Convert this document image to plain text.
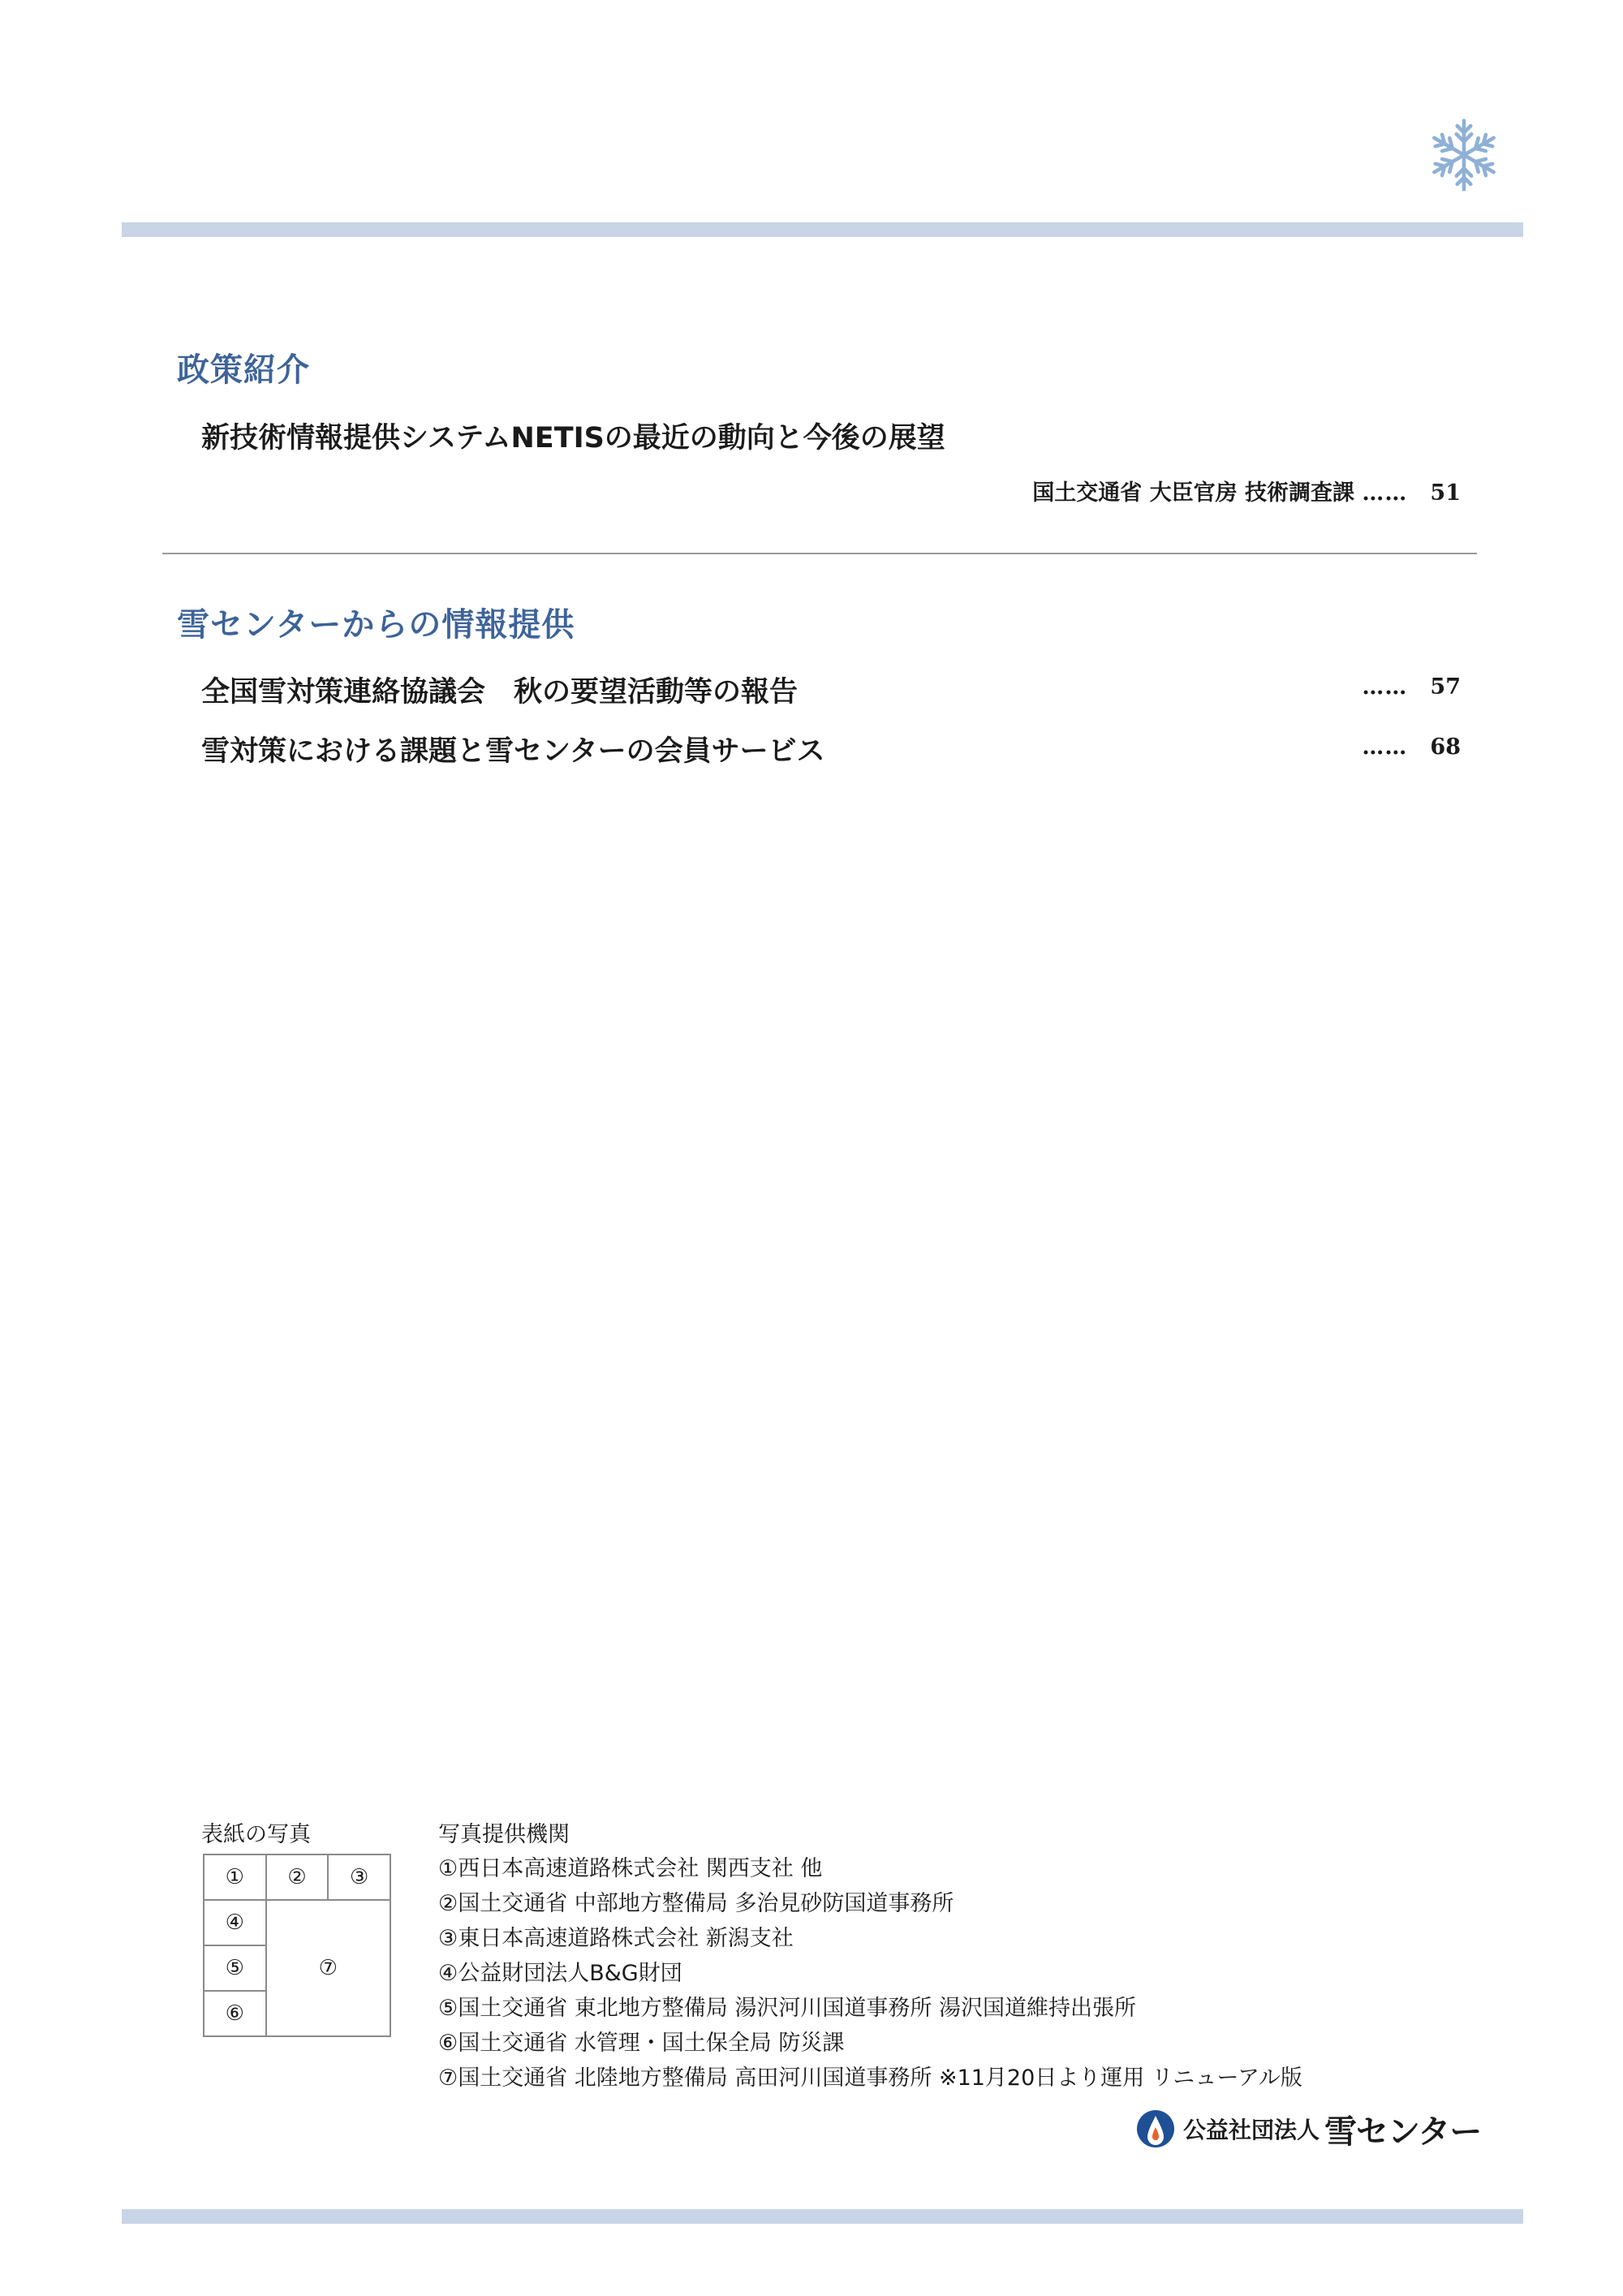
政策紹介
新技術情報提供システムNETISの最近の動向と今後の展望
国土交通省 大臣官房 技術調査課 …… 51
雪センターからの情報提供
全国雪対策連絡協議会　秋の要望活動等の報告	…… 57
雪対策における課題と雪センターの会員サービス	…… 68
表紙の写真
①	②	③
④	⑦	
⑤		
⑥		
写真提供機関
①西日本高速道路株式会社 関西支社 他
②国土交通省 中部地方整備局 多治見砂防国道事務所
③東日本高速道路株式会社 新潟支社
④公益財団法人B&G財団
⑤国土交通省 東北地方整備局 湯沢河川国道事務所 湯沢国道維持出張所
⑥国土交通省 水管理・国土保全局 防災課
⑦国土交通省 北陸地方整備局 高田河川国道事務所 ※11月20日より運用 リニューアル版
公益社団法人 雪センター
